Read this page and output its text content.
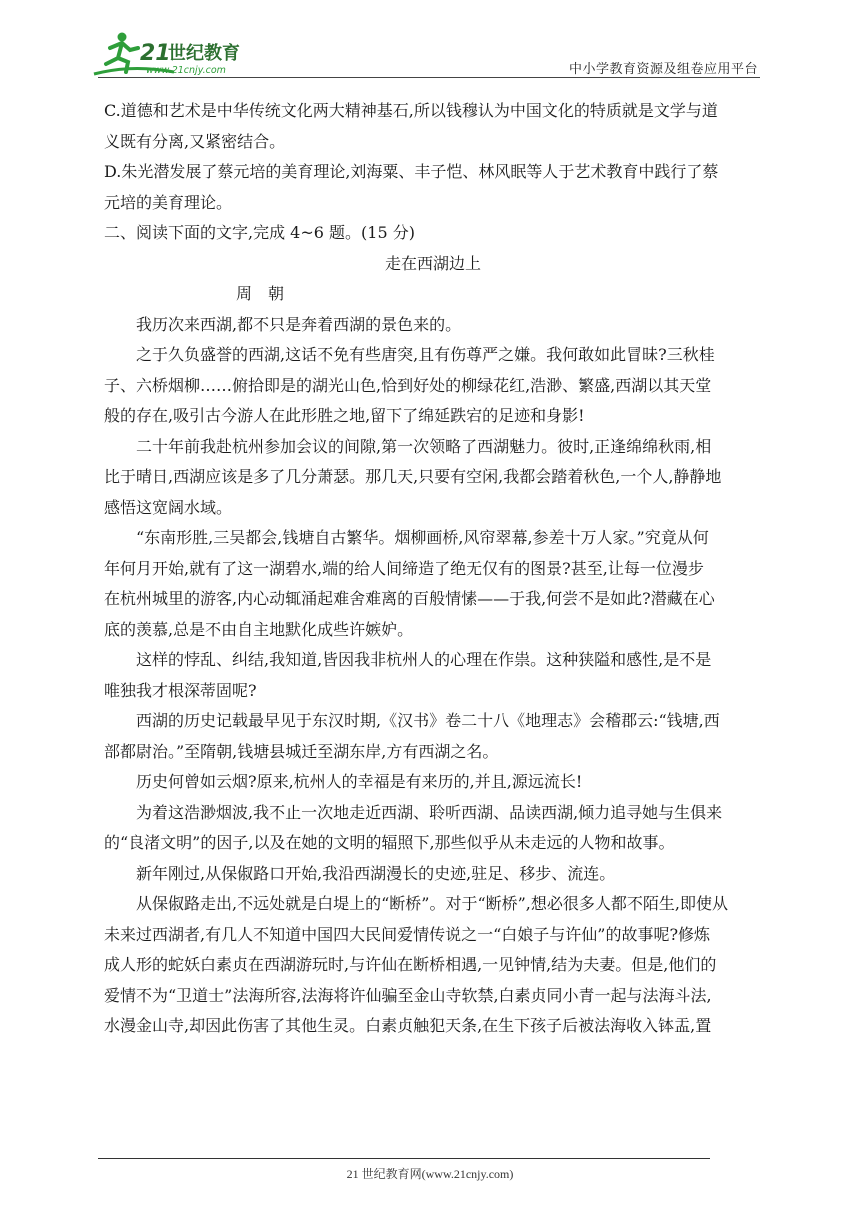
21
世纪教育
www.21cnjy.com	中小学教育资源及组卷应用平台
C.道德和艺术是中华传统文化两大精神基石,所以钱穆认为中国文化的特质就是文学与道
义既有分离,又紧密结合。
D.朱光潜发展了蔡元培的美育理论,刘海粟、丰子恺、林风眠等人于艺术教育中践行了蔡
元培的美育理论。
二、阅读下面的文字,完成 4~6 题。(15 分)
走在西湖边上
周　朝
我历次来西湖,都不只是奔着西湖的景色来的。
之于久负盛誉的西湖,这话不免有些唐突,且有伤尊严之嫌。我何敢如此冒昧?三秋桂
子、六桥烟柳……俯拾即是的湖光山色,恰到好处的柳绿花红,浩渺、繁盛,西湖以其天堂
般的存在,吸引古今游人在此形胜之地,留下了绵延跌宕的足迹和身影!
二十年前我赴杭州参加会议的间隙,第一次领略了西湖魅力。彼时,正逢绵绵秋雨,相
比于晴日,西湖应该是多了几分萧瑟。那几天,只要有空闲,我都会踏着秋色,一个人,静静地
感悟这宽阔水域。
“东南形胜,三吴都会,钱塘自古繁华。烟柳画桥,风帘翠幕,参差十万人家。”究竟从何
年何月开始,就有了这一湖碧水,端的给人间缔造了绝无仅有的图景?甚至,让每一位漫步
在杭州城里的游客,内心动辄涌起难舍难离的百般情愫——于我,何尝不是如此?潜藏在心
底的羡慕,总是不由自主地默化成些许嫉妒。
这样的悖乱、纠结,我知道,皆因我非杭州人的心理在作祟。这种狭隘和感性,是不是
唯独我才根深蒂固呢?
西湖的历史记载最早见于东汉时期,《汉书》卷二十八《地理志》会稽郡云:“钱塘,西
部都尉治。”至隋朝,钱塘县城迁至湖东岸,方有西湖之名。
历史何曾如云烟?原来,杭州人的幸福是有来历的,并且,源远流长!
为着这浩渺烟波,我不止一次地走近西湖、聆听西湖、品读西湖,倾力追寻她与生俱来
的“良渚文明”的因子,以及在她的文明的辐照下,那些似乎从未走远的人物和故事。
新年刚过,从保俶路口开始,我沿西湖漫长的史迹,驻足、移步、流连。
从保俶路走出,不远处就是白堤上的“断桥”。对于“断桥”,想必很多人都不陌生,即使从
未来过西湖者,有几人不知道中国四大民间爱情传说之一“白娘子与许仙”的故事呢?修炼
成人形的蛇妖白素贞在西湖游玩时,与许仙在断桥相遇,一见钟情,结为夫妻。但是,他们的
爱情不为“卫道士”法海所容,法海将许仙骗至金山寺软禁,白素贞同小青一起与法海斗法,
水漫金山寺,却因此伤害了其他生灵。白素贞触犯天条,在生下孩子后被法海收入钵盂,置
21 世纪教育网(www.21cnjy.com)
